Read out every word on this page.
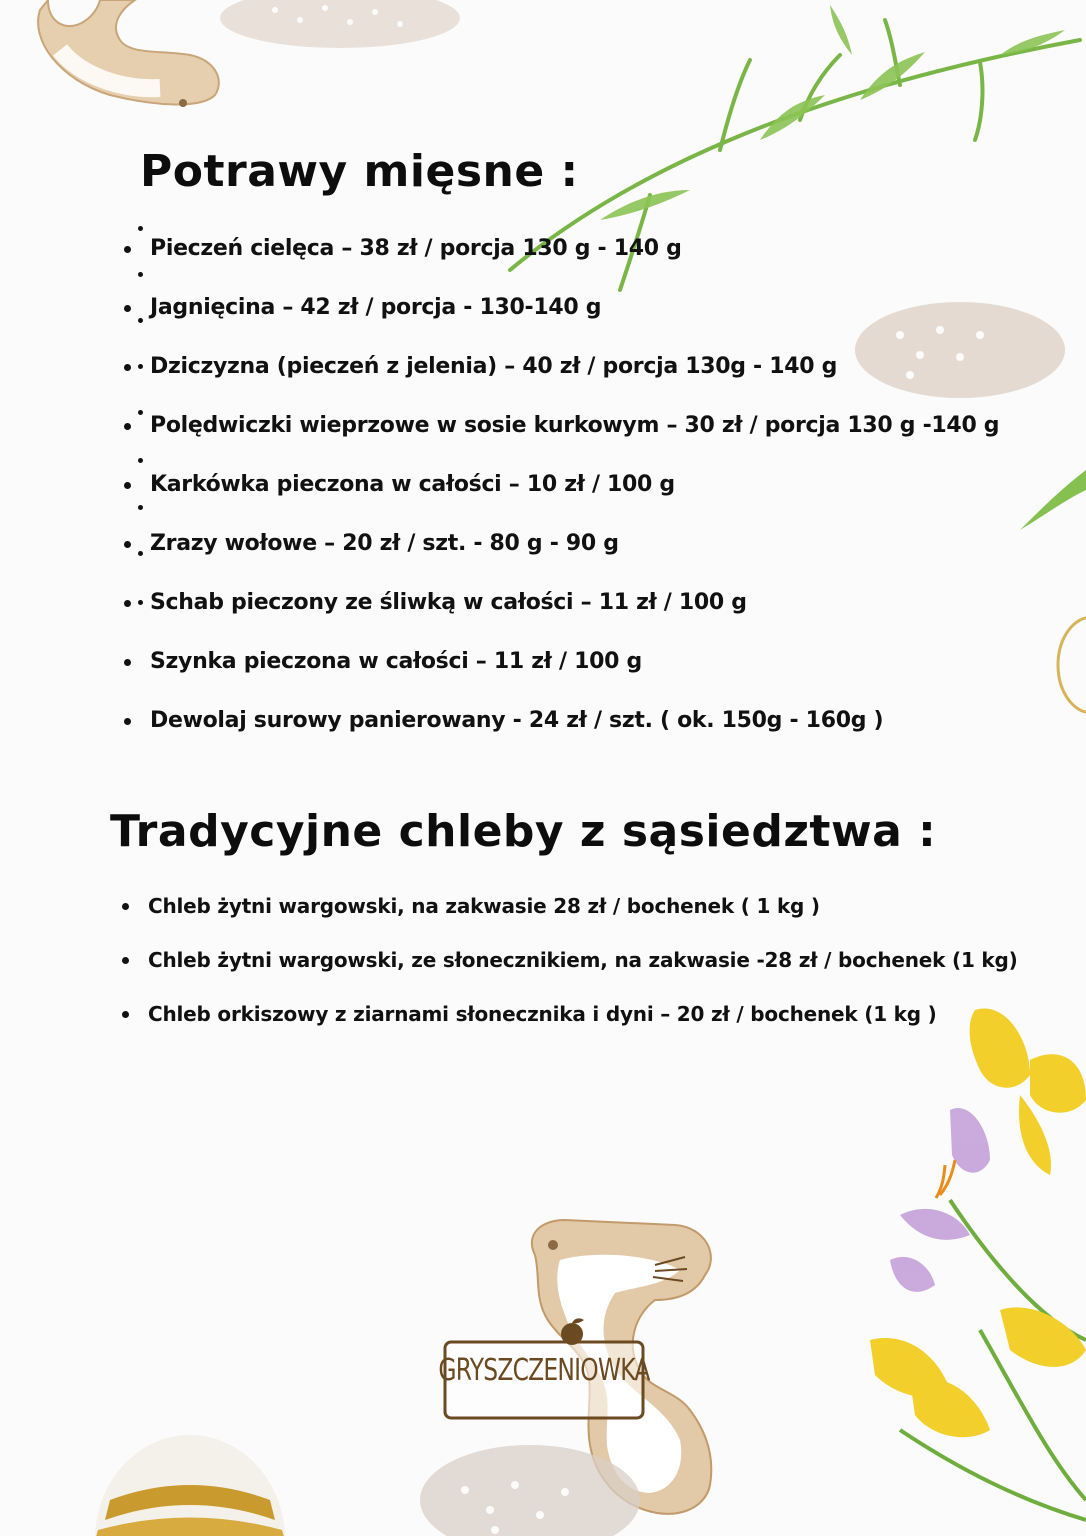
Potrawy mięsne :
Pieczeń cielęca – 38 zł / porcja 130 g - 140 g
Jagnięcina – 42 zł / porcja - 130-140 g
Dziczyzna (pieczeń z jelenia) – 40 zł / porcja 130g - 140 g
Polędwiczki wieprzowe w sosie kurkowym – 30 zł / porcja 130 g -140 g
Karkówka pieczona w całości – 10 zł / 100 g
Zrazy wołowe – 20 zł / szt. - 80 g - 90 g
Schab pieczony ze śliwką w całości – 11 zł / 100 g
Szynka pieczona w całości – 11 zł / 100 g
Dewolaj surowy panierowany - 24 zł / szt. ( ok. 150g - 160g )
Tradycyjne chleby z sąsiedztwa :
Chleb żytni wargowski, na zakwasie 28 zł / bochenek ( 1 kg )
Chleb żytni wargowski, ze słonecznikiem, na zakwasie -28 zł / bochenek (1 kg)
Chleb orkiszowy z ziarnami słonecznika i dyni – 20 zł / bochenek (1 kg )
GRYSZCZENIOWKA
